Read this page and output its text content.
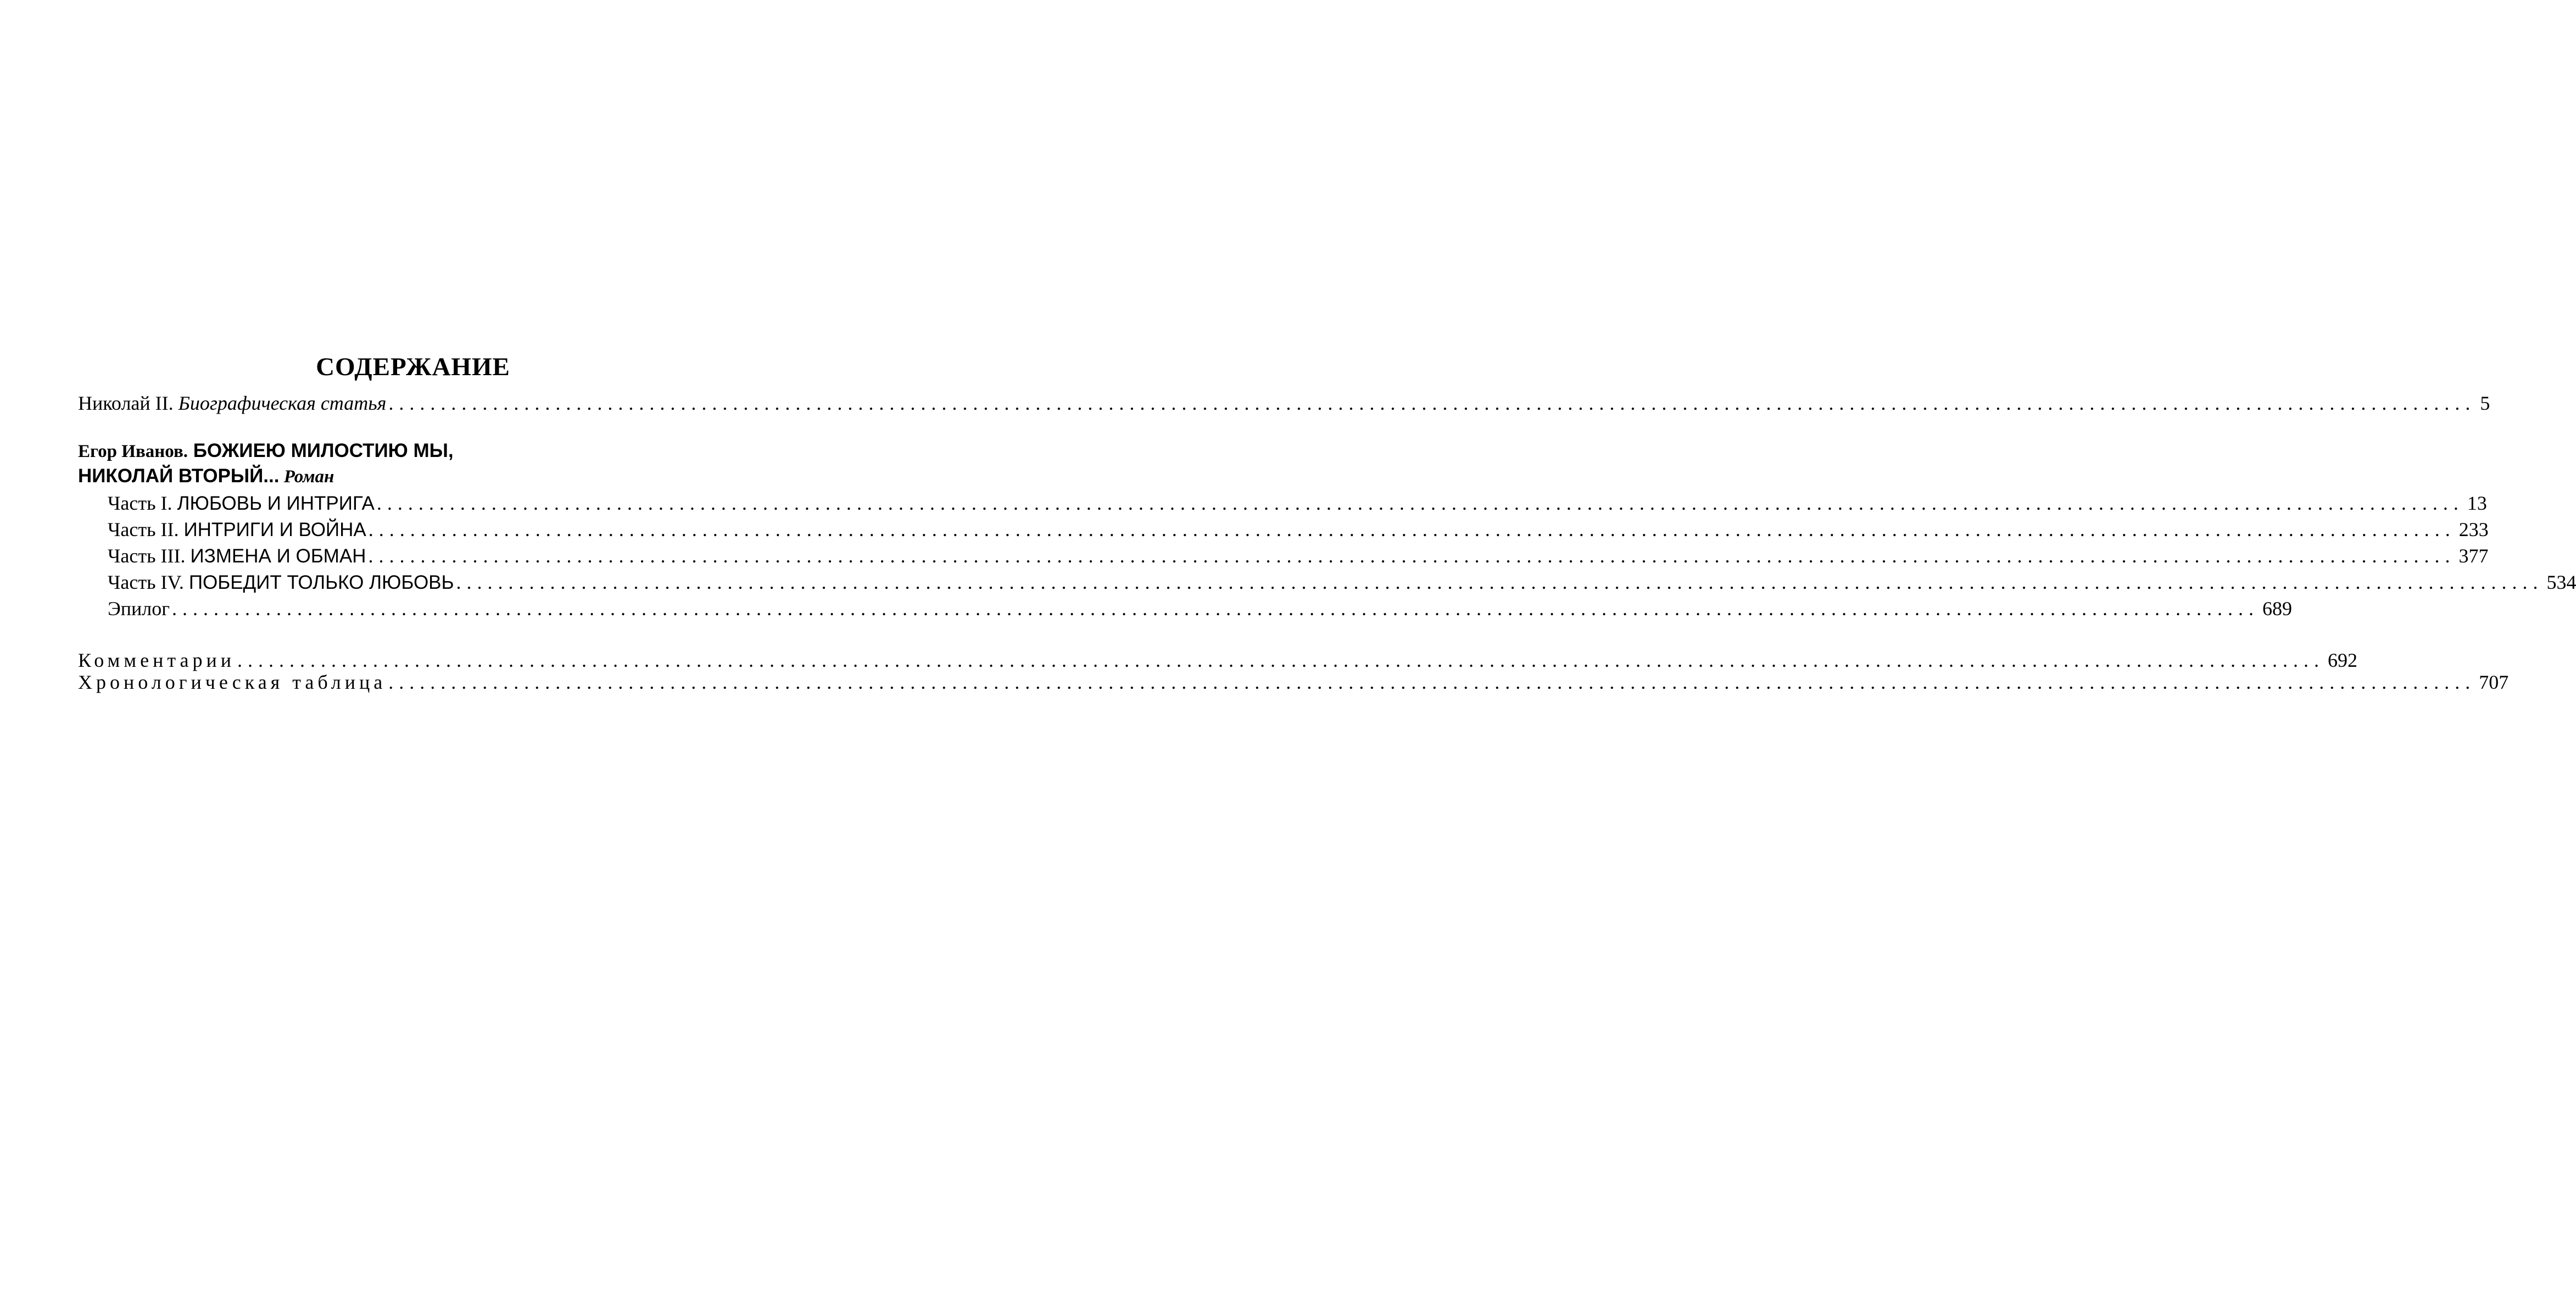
СОДЕРЖАНИЕ
Николай II. Биографическая статья ........................................................................................................................................................................................................ 5
Егор Иванов. БОЖИЕЮ МИЛОСТИЮ МЫ,
НИКОЛАЙ ВТОРЫЙ... Роман
Часть I. ЛЮБОВЬ И ИНТРИГА ........................................................................................................................................................................................................ 13
Часть II. ИНТРИГИ И ВОЙНА ........................................................................................................................................................................................................ 233
Часть III. ИЗМЕНА И ОБМАН ........................................................................................................................................................................................................ 377
Часть IV. ПОБЕДИТ ТОЛЬКО ЛЮБОВЬ ........................................................................................................................................................................................................ 534
Эпилог ........................................................................................................................................................................................................ 689
Комментарии ........................................................................................................................................................................................................ 692
Хронологическая таблица ........................................................................................................................................................................................................ 707
